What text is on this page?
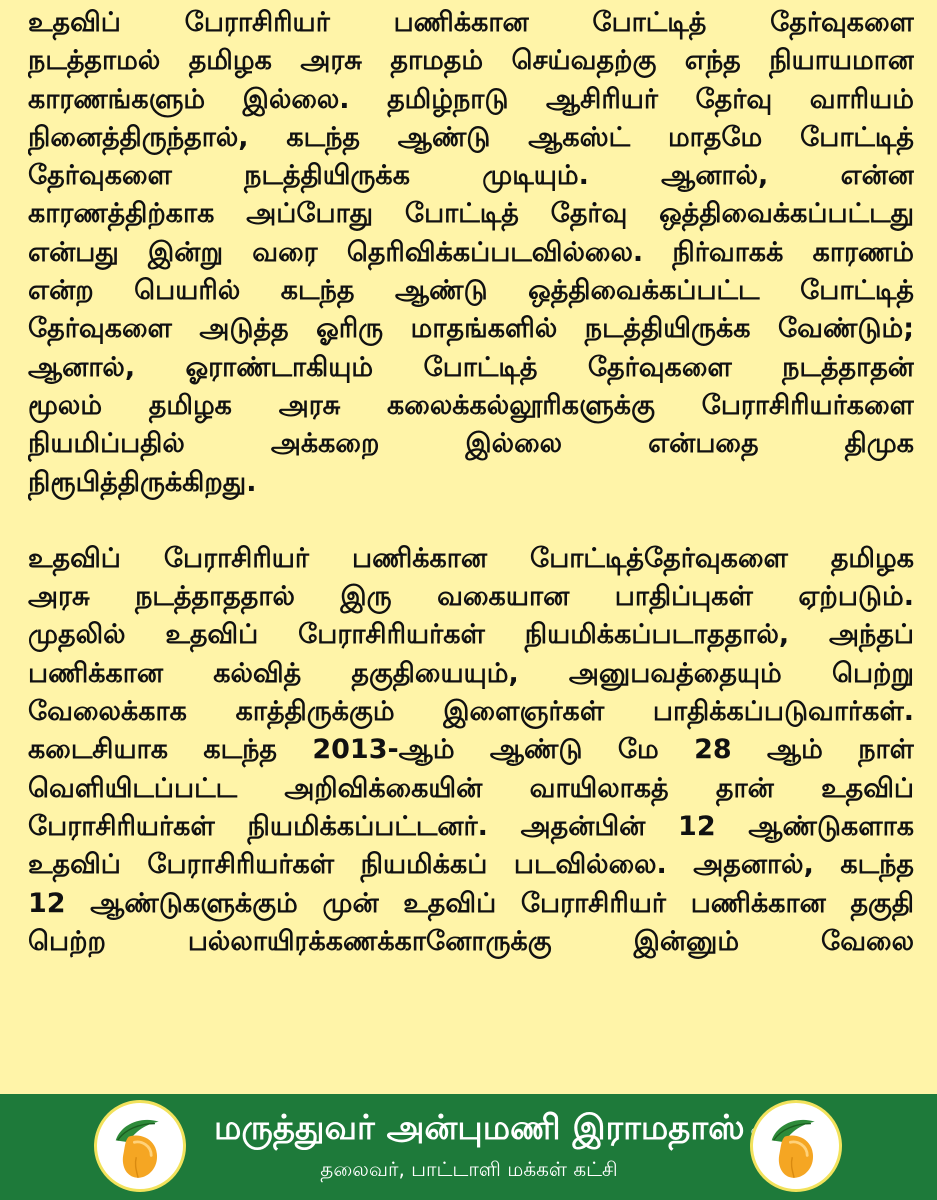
உதவிப் பேராசிரியர் பணிக்கான போட்டித் தேர்வுகளை
நடத்தாமல் தமிழக அரசு தாமதம் செய்வதற்கு எந்த நியாயமான
காரணங்களும் இல்லை. தமிழ்நாடு ஆசிரியர் தேர்வு வாரியம்
நினைத்திருந்தால், கடந்த ஆண்டு ஆகஸ்ட் மாதமே போட்டித்
தேர்வுகளை நடத்தியிருக்க முடியும். ஆனால், என்ன
காரணத்திற்காக அப்போது போட்டித் தேர்வு ஒத்திவைக்கப்பட்டது
என்பது இன்று வரை தெரிவிக்கப்படவில்லை. நிர்வாகக் காரணம்
என்ற பெயரில் கடந்த ஆண்டு ஒத்திவைக்கப்பட்ட போட்டித்
தேர்வுகளை அடுத்த ஓரிரு மாதங்களில் நடத்தியிருக்க வேண்டும்;
ஆனால், ஓராண்டாகியும் போட்டித் தேர்வுகளை நடத்தாதன்
மூலம் தமிழக அரசு கலைக்கல்லூரிகளுக்கு பேராசிரியர்களை
நியமிப்பதில் அக்கறை இல்லை என்பதை திமுக
நிரூபித்திருக்கிறது.
உதவிப் பேராசிரியர் பணிக்கான போட்டித்தேர்வுகளை தமிழக
அரசு நடத்தாததால் இரு வகையான பாதிப்புகள் ஏற்படும்.
முதலில் உதவிப் பேராசிரியர்கள் நியமிக்கப்படாததால், அந்தப்
பணிக்கான கல்வித் தகுதியையும், அனுபவத்தையும் பெற்று
வேலைக்காக காத்திருக்கும் இளைஞர்கள் பாதிக்கப்படுவார்கள்.
கடைசியாக கடந்த 2013-ஆம் ஆண்டு மே 28 ஆம் நாள்
வெளியிடப்பட்ட அறிவிக்கையின் வாயிலாகத் தான் உதவிப்
பேராசிரியர்கள் நியமிக்கப்பட்டனர். அதன்பின் 12 ஆண்டுகளாக
உதவிப் பேராசிரியர்கள் நியமிக்கப் படவில்லை. அதனால், கடந்த
12 ஆண்டுகளுக்கும் முன் உதவிப் பேராசிரியர் பணிக்கான தகுதி
பெற்ற பல்லாயிரக்கணக்கானோருக்கு இன்னும் வேலை
மருத்துவர் அன்புமணி இராமதாஸ்
தலைவர், பாட்டாளி மக்கள் கட்சி
